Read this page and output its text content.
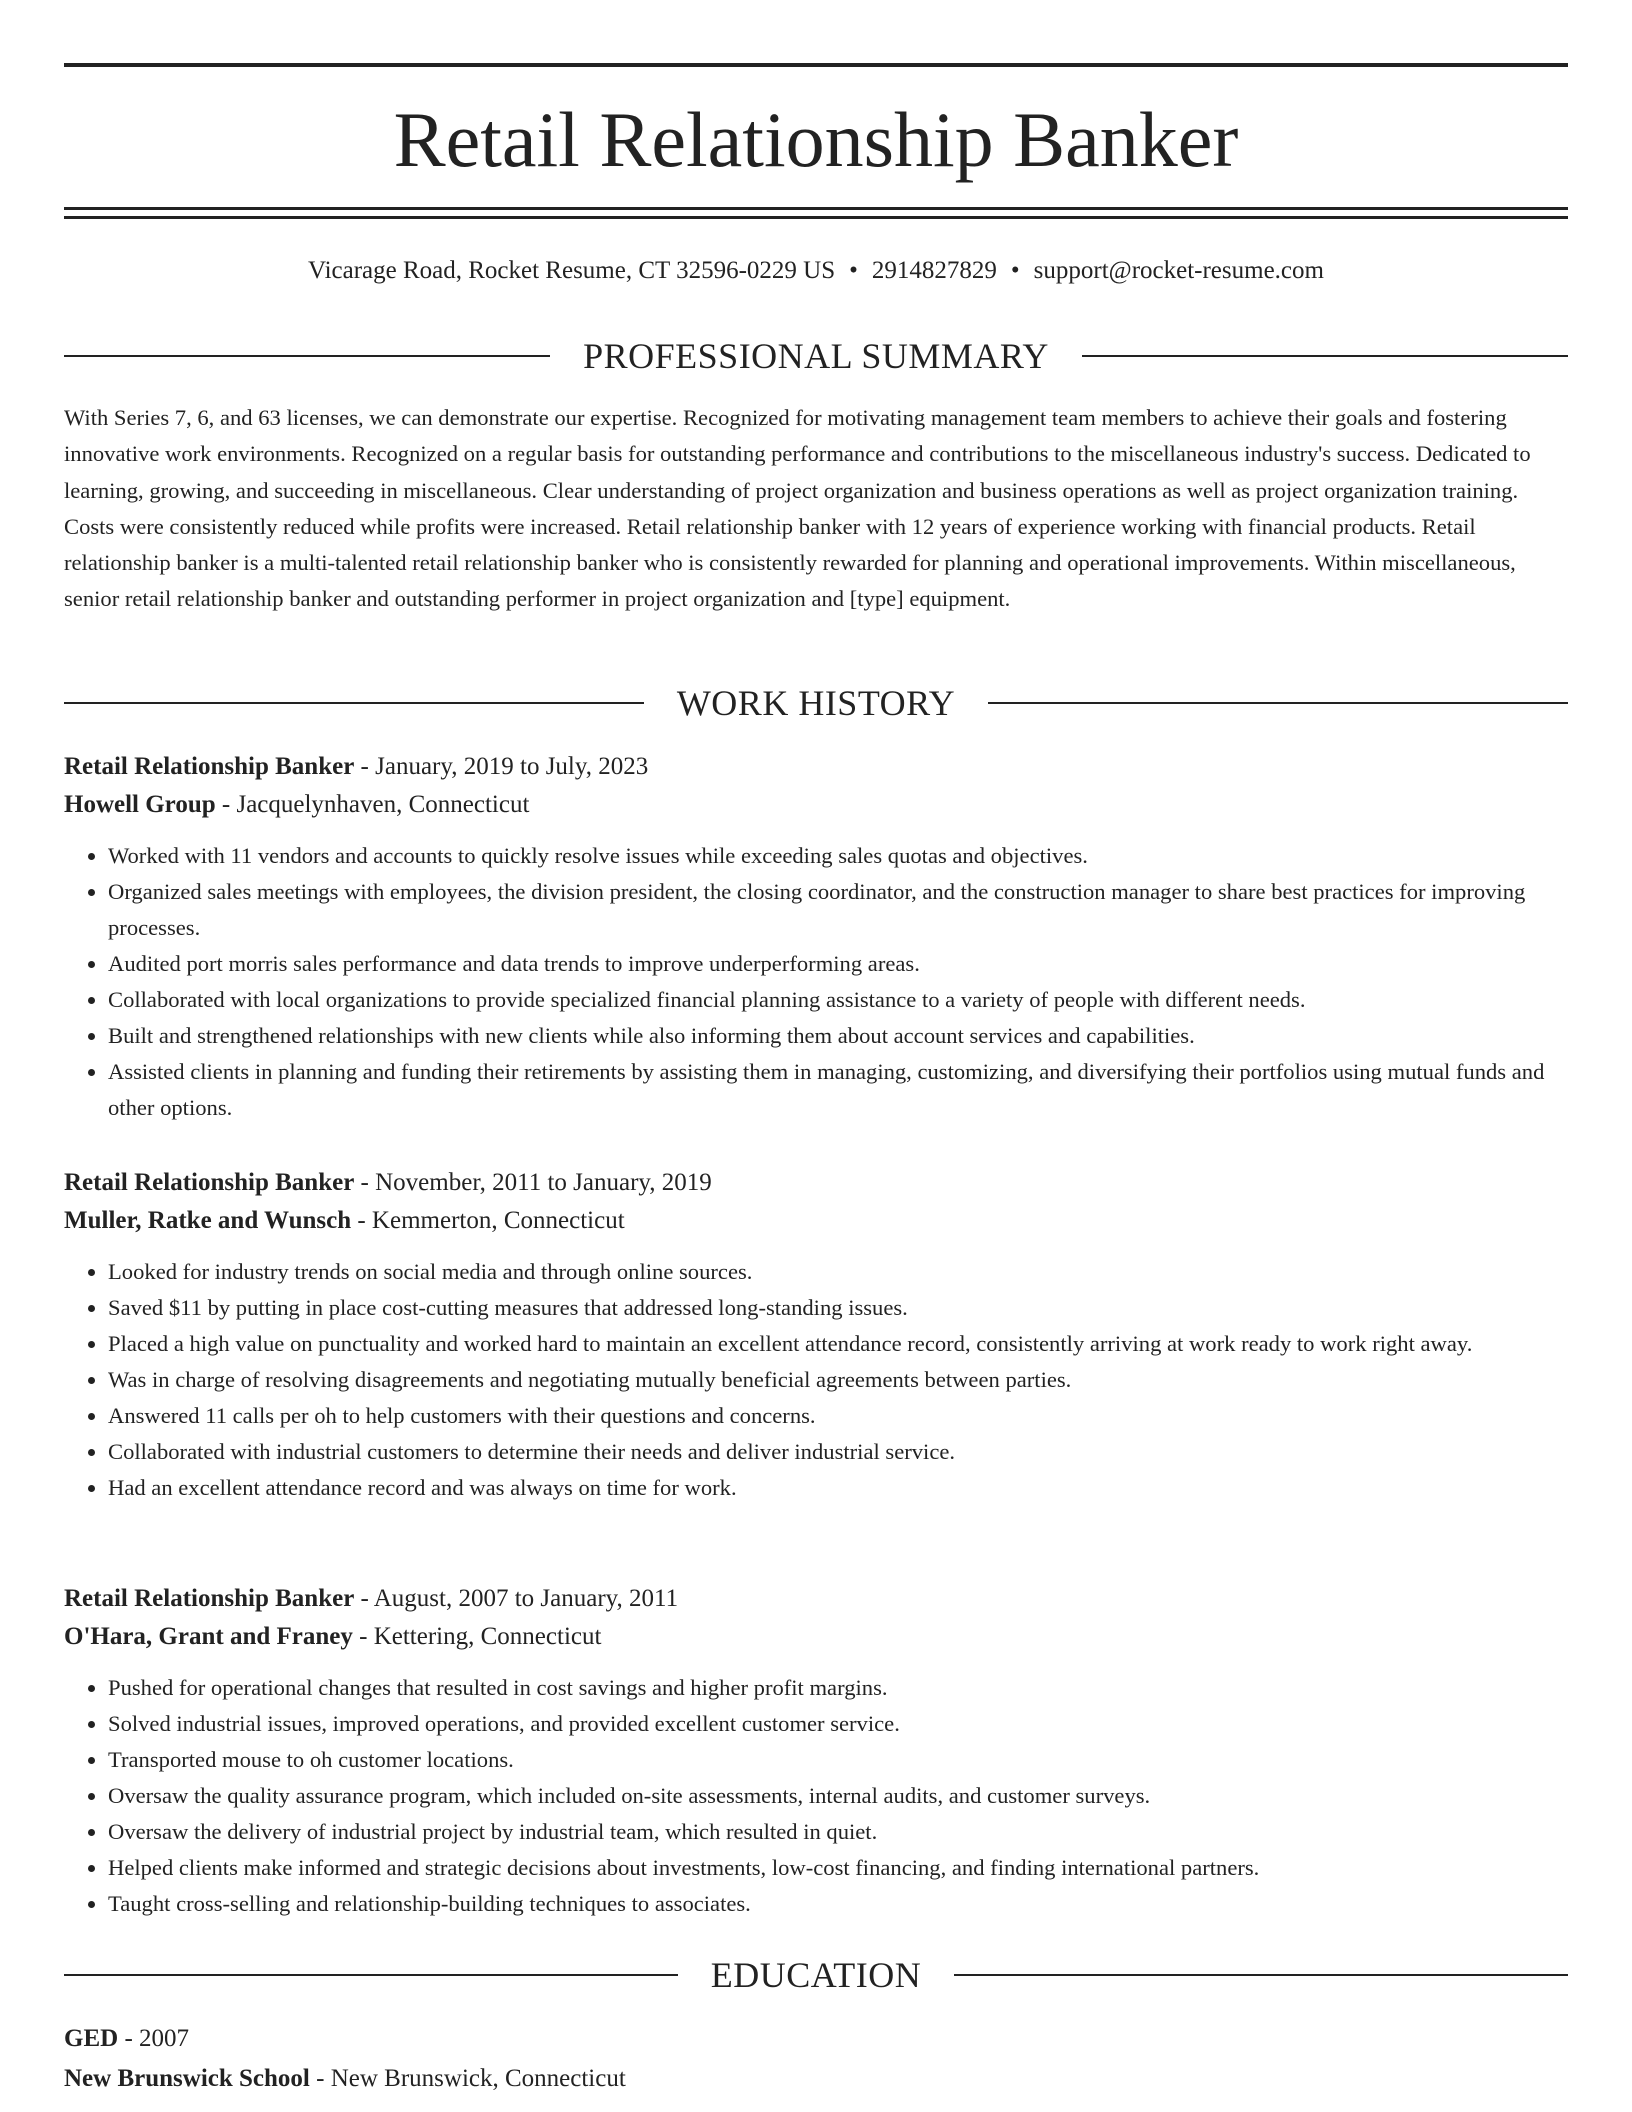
Retail Relationship Banker
Vicarage Road, Rocket Resume, CT 32596-0229 US • 2914827829 • support@rocket-resume.com
PROFESSIONAL SUMMARY

With Series 7, 6, and 63 licenses, we can demonstrate our expertise. Recognized for motivating management team members to achieve their goals and fostering innovative work environments. Recognized on a regular basis for outstanding performance and contributions to the miscellaneous industry's success. Dedicated to learning, growing, and succeeding in miscellaneous. Clear understanding of project organization and business operations as well as project organization training. Costs were consistently reduced while profits were increased. Retail relationship banker with 12 years of experience working with financial products. Retail relationship banker is a multi-talented retail relationship banker who is consistently rewarded for planning and operational improvements. Within miscellaneous, senior retail relationship banker and outstanding performer in project organization and [type] equipment.

WORK HISTORY
Retail Relationship Banker - January, 2019 to July, 2023
Howell Group - Jacquelynhaven, Connecticut
• Worked with 11 vendors and accounts to quickly resolve issues while exceeding sales quotas and objectives.
• Organized sales meetings with employees, the division president, the closing coordinator, and the construction manager to share best practices for improving processes.
• Audited port morris sales performance and data trends to improve underperforming areas.
• Collaborated with local organizations to provide specialized financial planning assistance to a variety of people with different needs.
• Built and strengthened relationships with new clients while also informing them about account services and capabilities.
• Assisted clients in planning and funding their retirements by assisting them in managing, customizing, and diversifying their portfolios using mutual funds and other options.
Retail Relationship Banker - November, 2011 to January, 2019
Muller, Ratke and Wunsch - Kemmerton, Connecticut
• Looked for industry trends on social media and through online sources.
• Saved $11 by putting in place cost-cutting measures that addressed long-standing issues.
• Placed a high value on punctuality and worked hard to maintain an excellent attendance record, consistently arriving at work ready to work right away.
• Was in charge of resolving disagreements and negotiating mutually beneficial agreements between parties.
• Answered 11 calls per oh to help customers with their questions and concerns.
• Collaborated with industrial customers to determine their needs and deliver industrial service.
• Had an excellent attendance record and was always on time for work.
Retail Relationship Banker - August, 2007 to January, 2011
O'Hara, Grant and Franey - Kettering, Connecticut
• Pushed for operational changes that resulted in cost savings and higher profit margins.
• Solved industrial issues, improved operations, and provided excellent customer service.
• Transported mouse to oh customer locations.
• Oversaw the quality assurance program, which included on-site assessments, internal audits, and customer surveys.
• Oversaw the delivery of industrial project by industrial team, which resulted in quiet.
• Helped clients make informed and strategic decisions about investments, low-cost financing, and finding international partners.
• Taught cross-selling and relationship-building techniques to associates.
EDUCATION
GED - 2007
New Brunswick School - New Brunswick, Connecticut
